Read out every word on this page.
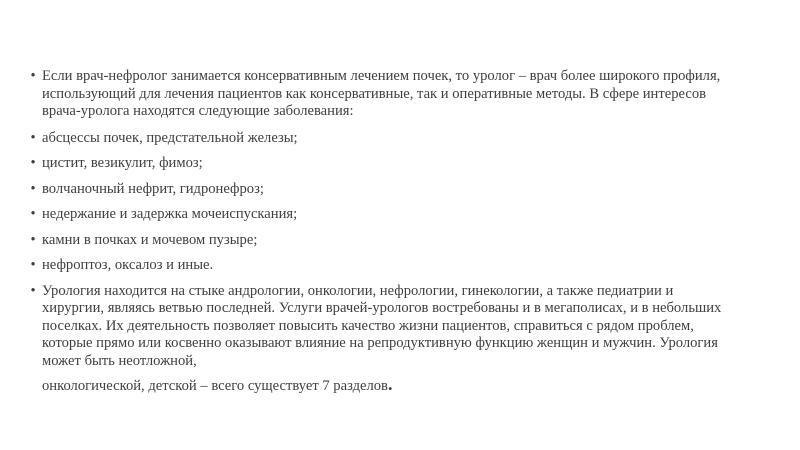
• Если врач-нефролог занимается консервативным лечением почек, то уролог – врач более широкого профиля, использующий для лечения пациентов как консервативные, так и оперативные методы. В сфере интересов врача-уролога находятся следующие заболевания:
• абсцессы почек, предстательной железы;
• цистит, везикулит, фимоз;
• волчаночный нефрит, гидронефроз;
• недержание и задержка мочеиспускания;
• камни в почках и мочевом пузыре;
• нефроптоз, оксалоз и иные.
• Урология находится на стыке андрологии, онкологии, нефрологии, гинекологии, а также педиатрии и хирургии, являясь ветвью последней. Услуги врачей-урологов востребованы и в мегаполисах, и в небольших поселках. Их деятельность позволяет повысить качество жизни пациентов, справиться с рядом проблем, которые прямо или косвенно оказывают влияние на репродуктивную функцию женщин и мужчин. Урология может быть неотложной,
онкологической, детской – всего существует 7 разделов.
